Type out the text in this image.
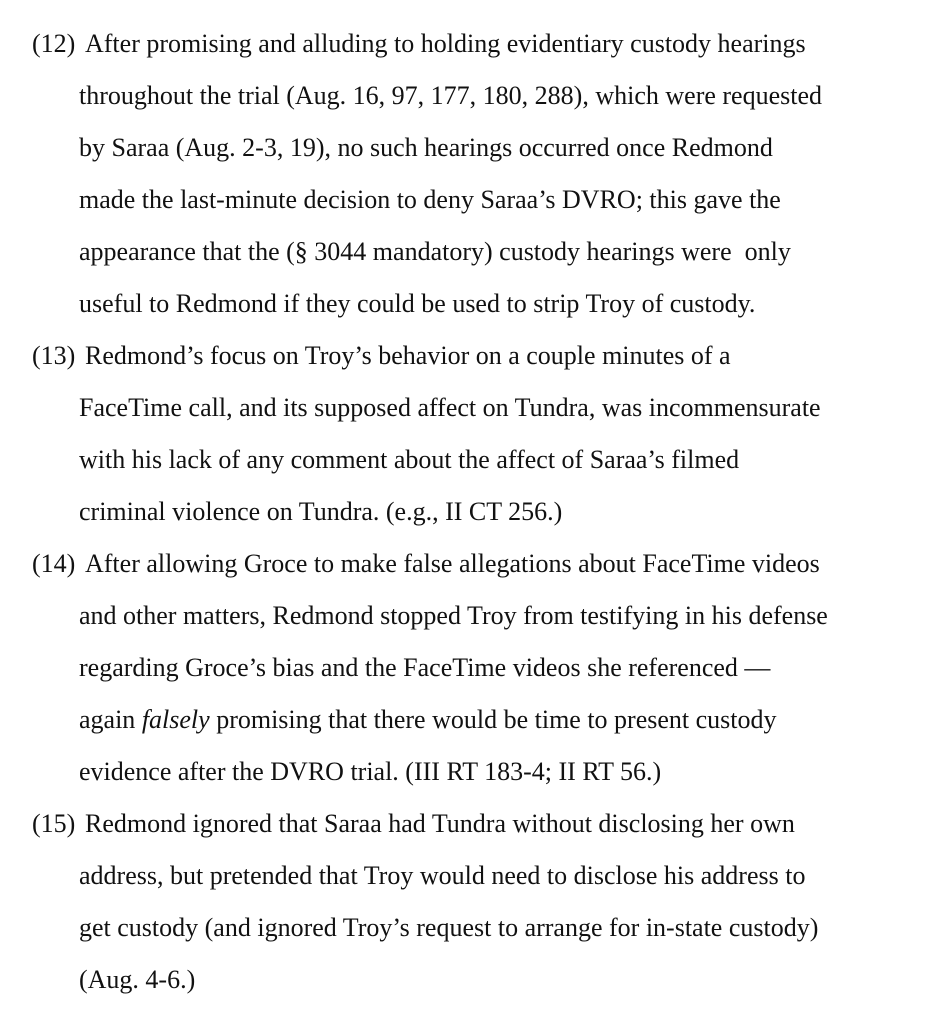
(12) After promising and alluding to holding evidentiary custody hearings
throughout the trial (Aug. 16, 97, 177, 180, 288), which were requested
by Saraa (Aug. 2-3, 19), no such hearings occurred once Redmond
made the last-minute decision to deny Saraa’s DVRO; this gave the
appearance that the (§ 3044 mandatory) custody hearings were  only
useful to Redmond if they could be used to strip Troy of custody.
(13) Redmond’s focus on Troy’s behavior on a couple minutes of a
FaceTime call, and its supposed affect on Tundra, was incommensurate
with his lack of any comment about the affect of Saraa’s filmed
criminal violence on Tundra. (e.g., II CT 256.)
(14) After allowing Groce to make false allegations about FaceTime videos
and other matters, Redmond stopped Troy from testifying in his defense
regarding Groce’s bias and the FaceTime videos she referenced —
again falsely promising that there would be time to present custody
evidence after the DVRO trial. (III RT 183-4; II RT 56.)
(15) Redmond ignored that Saraa had Tundra without disclosing her own
address, but pretended that Troy would need to disclose his address to
get custody (and ignored Troy’s request to arrange for in-state custody)
(Aug. 4-6.)
